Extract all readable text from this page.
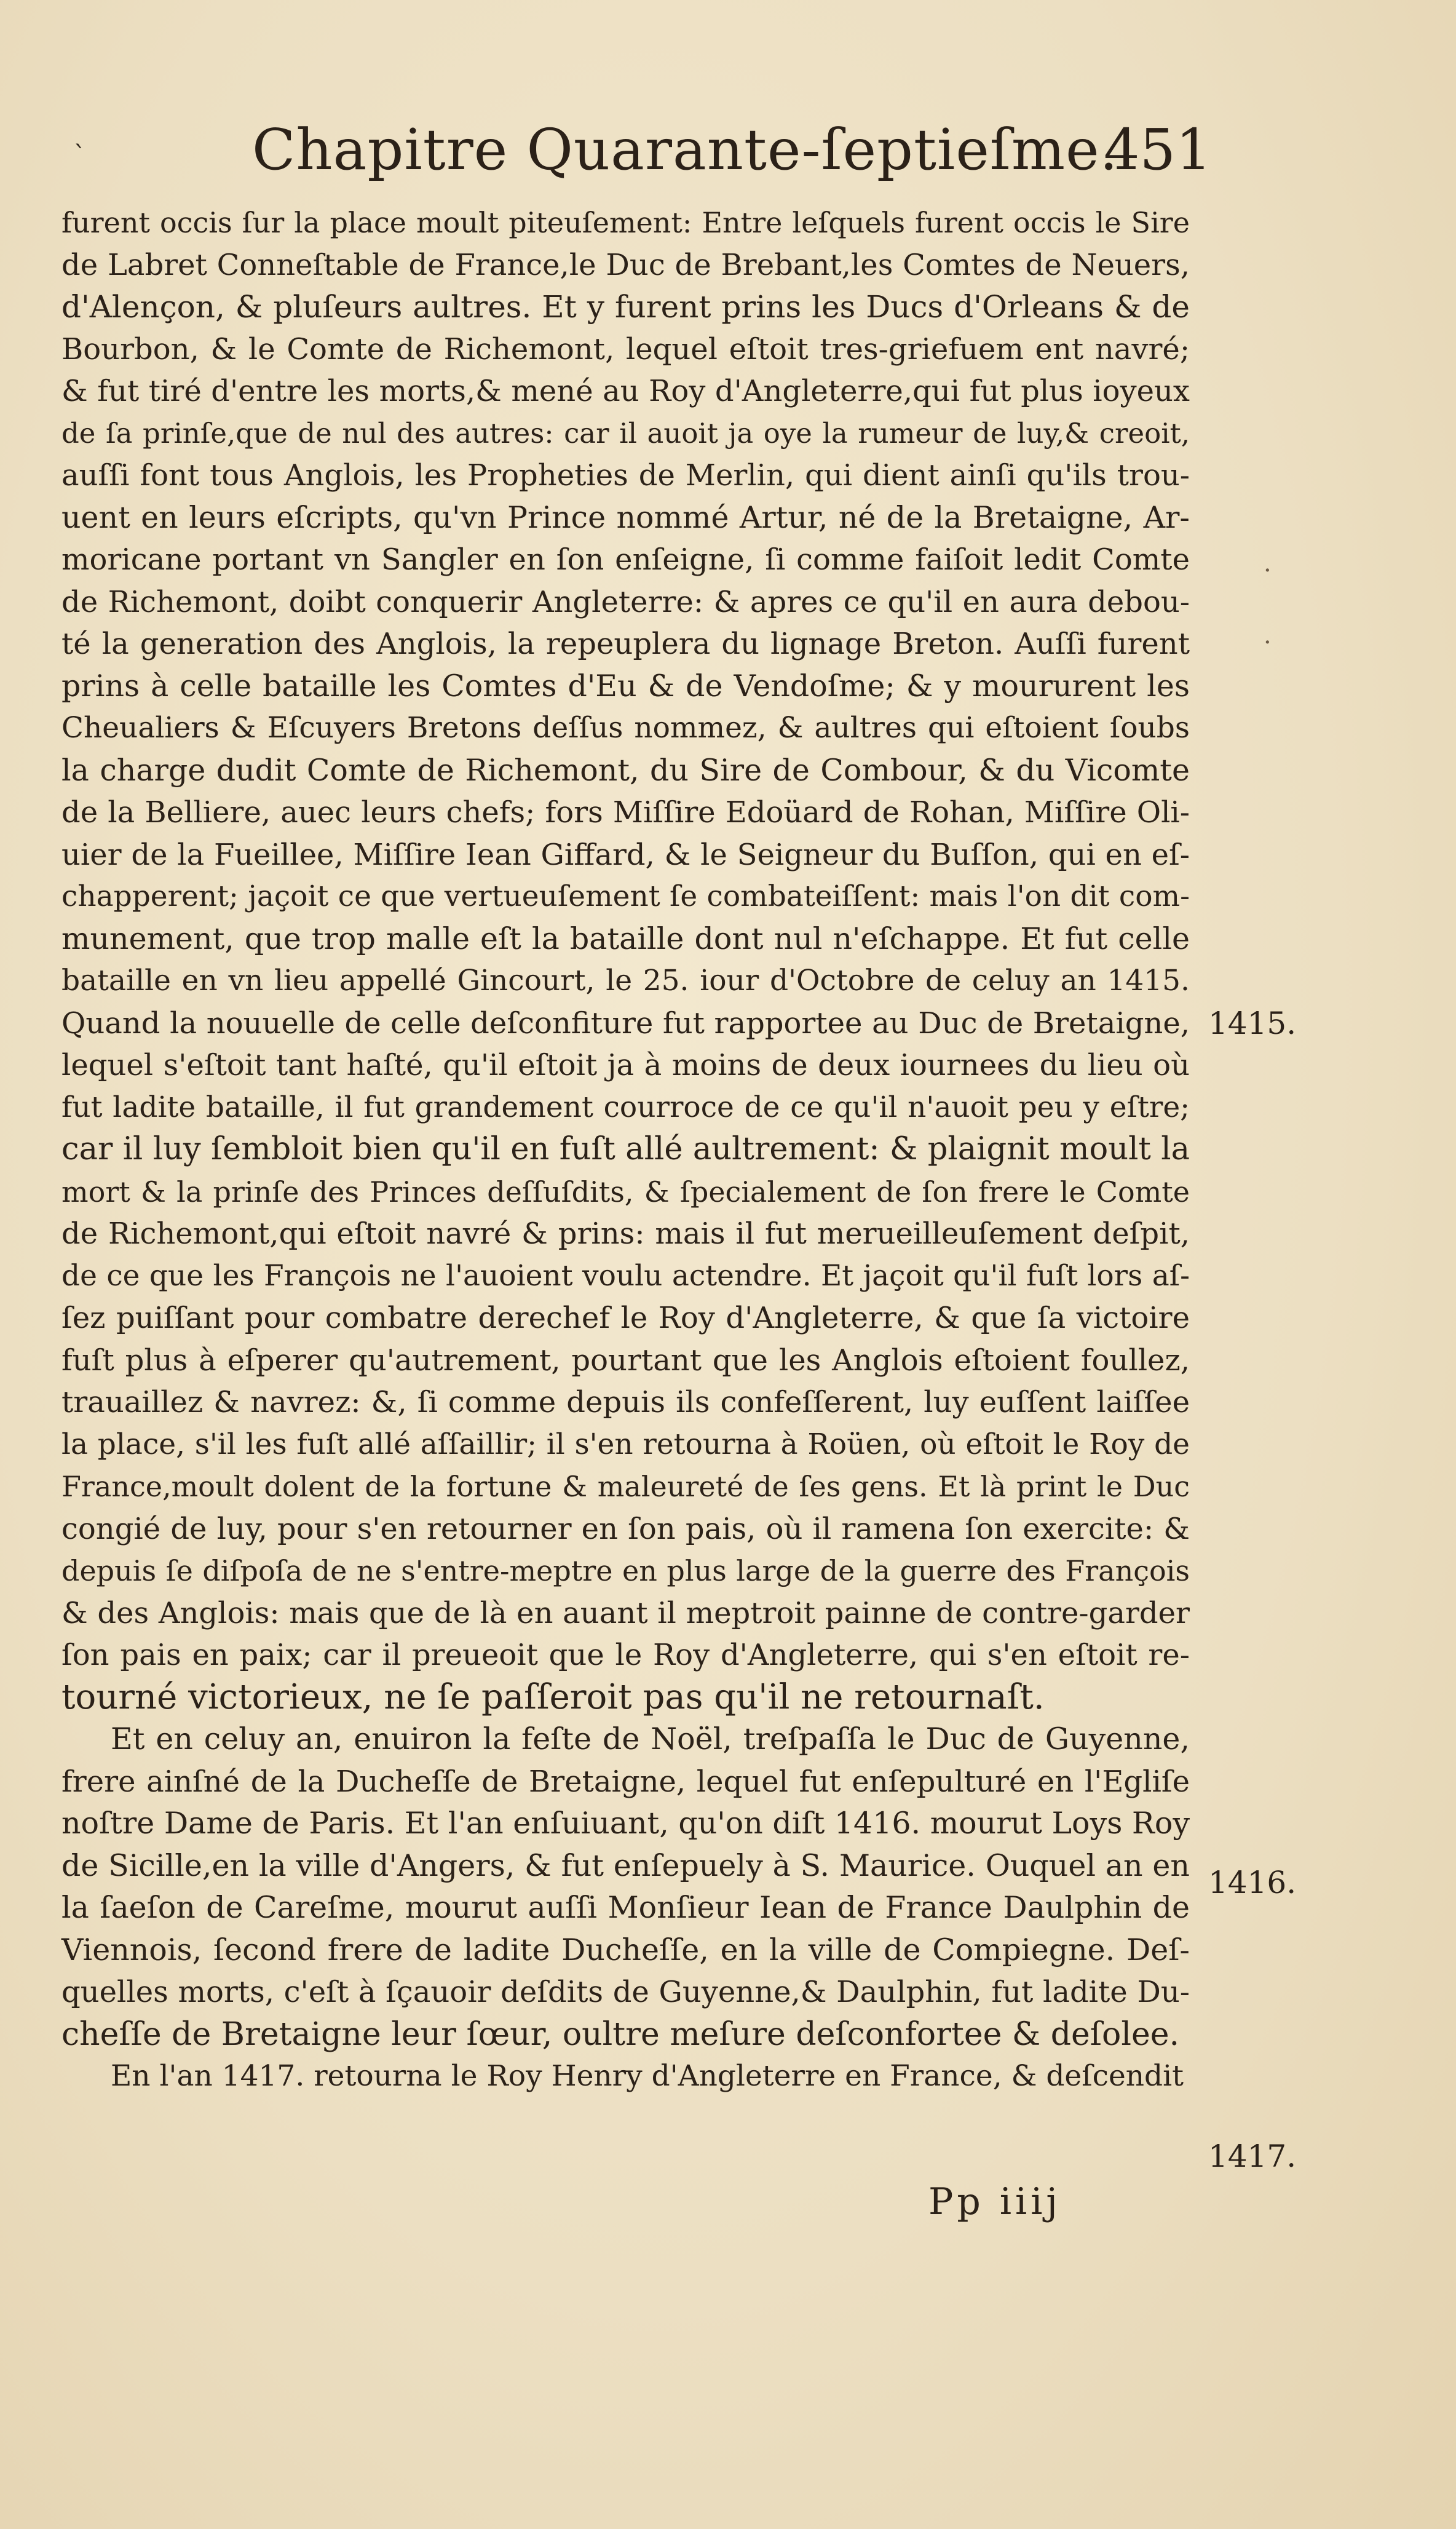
`	Chapitre Quarante-ſeptieſme.
451
furent occis ſur la place moult piteuſement: Entre leſquels furent occis le Sire
de Labret Conneſtable de France,le Duc de Brebant,les Comtes de Neuers,
d'Alençon, & pluſeurs aultres. Et y furent prins les Ducs d'Orleans & de
Bourbon, & le Comte de Richemont, lequel eſtoit tres-griefuem ent navré;
& fut tiré d'entre les morts,& mené au Roy d'Angleterre,qui fut plus ioyeux
de ſa prinſe,que de nul des autres: car il auoit ja oye la rumeur de luy,& creoit,
auſſi font tous Anglois, les Propheties de Merlin, qui dient ainſi qu'ils trou-
uent en leurs eſcripts, qu'vn Prince nommé Artur, né de la Bretaigne, Ar-
moricane portant vn Sangler en ſon enſeigne, ſi comme faiſoit ledit Comte
de Richemont, doibt conquerir Angleterre: & apres ce qu'il en aura debou-
té la generation des Anglois, la repeuplera du lignage Breton. Auſſi furent
prins à celle bataille les Comtes d'Eu & de Vendoſme; & y moururent les
Cheualiers & Eſcuyers Bretons deſſus nommez, & aultres qui eſtoient ſoubs
la charge dudit Comte de Richemont, du Sire de Combour, & du Vicomte
de la Belliere, auec leurs chefs; fors Miſſire Edoüard de Rohan, Miſſire Oli-
uier de la Fueillee, Miſſire Iean Giffard, & le Seigneur du Buſſon, qui en eſ-
chapperent; jaçoit ce que vertueuſement ſe combateiſſent: mais l'on dit com-
munement, que trop malle eſt la bataille dont nul n'eſchappe. Et fut celle
bataille en vn lieu appellé Gincourt, le 25. iour d'Octobre de celuy an 1415.
Quand la nouuelle de celle deſconfiture fut rapportee au Duc de Bretaigne,
lequel s'eſtoit tant haſté, qu'il eſtoit ja à moins de deux iournees du lieu où
fut ladite bataille, il fut grandement courroce de ce qu'il n'auoit peu y eſtre;
car il luy ſembloit bien qu'il en fuſt allé aultrement: & plaignit moult la
mort & la prinſe des Princes deſſuſdits, & ſpecialement de ſon frere le Comte
de Richemont,qui eſtoit navré & prins: mais il fut merueilleuſement deſpit,
de ce que les François ne l'auoient voulu actendre. Et jaçoit qu'il fuſt lors aſ-
ſez puiſſant pour combatre derechef le Roy d'Angleterre, & que ſa victoire
fuſt plus à eſperer qu'autrement, pourtant que les Anglois eſtoient foullez,
trauaillez & navrez: &, ſi comme depuis ils confeſſerent, luy euſſent laiſſee
la place, s'il les fuſt allé aſſaillir; il s'en retourna à Roüen, où eſtoit le Roy de
France,moult dolent de la fortune & maleureté de ſes gens. Et là print le Duc
congié de luy, pour s'en retourner en ſon pais, où il ramena ſon exercite: &
depuis ſe diſpoſa de ne s'entre-meptre en plus large de la guerre des François
& des Anglois: mais que de là en auant il meptroit painne de contre-garder
ſon pais en paix; car il preueoit que le Roy d'Angleterre, qui s'en eſtoit re-
tourné victorieux, ne ſe paſſeroit pas qu'il ne retournaſt.
Et en celuy an, enuiron la feſte de Noël, treſpaſſa le Duc de Guyenne,
frere ainſné de la Ducheſſe de Bretaigne, lequel fut enſepulturé en l'Egliſe
noſtre Dame de Paris. Et l'an enſuiuant, qu'on diſt 1416. mourut Loys Roy
de Sicille,en la ville d'Angers, & fut enſepuely à S. Maurice. Ouquel an en
la ſaeſon de Careſme, mourut auſſi Monſieur Iean de France Daulphin de
Viennois, ſecond frere de ladite Ducheſſe, en la ville de Compiegne. Deſ-
quelles morts, c'eſt à ſçauoir deſdits de Guyenne,& Daulphin, fut ladite Du-
cheſſe de Bretaigne leur ſœur, oultre meſure deſconfortee & deſolee.
En l'an 1417. retourna le Roy Henry d'Angleterre en France, & deſcendit
1415.
1416.
1417.
Pp iiij
·
·
